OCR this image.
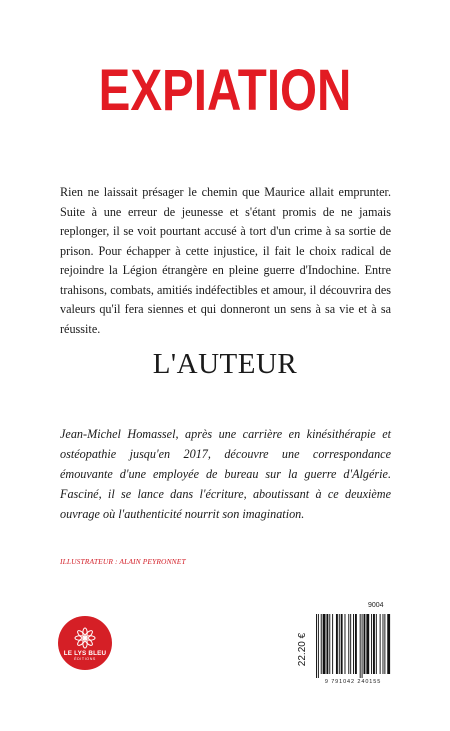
EXPIATION

Rien ne laissait présager le chemin que Maurice allait emprunter. Suite à une erreur de jeunesse et s'étant promis de ne jamais replonger, il se voit pourtant accusé à tort d'un crime à sa sortie de prison. Pour échapper à cette injustice, il fait le choix radical de rejoindre la Légion étrangère en pleine guerre d'Indochine. Entre trahisons, combats, amitiés indéfectibles et amour, il découvrira des valeurs qu'il fera siennes et qui donneront un sens à sa vie et à sa réussite.

L'AUTEUR

Jean-Michel Homassel, après une carrière en kinésithérapie et ostéopathie jusqu'en 2017, découvre une correspondance émouvante d'une employée de bureau sur la guerre d'Algérie. Fasciné, il se lance dans l'écriture, aboutissant à ce deuxième ouvrage où l'authenticité nourrit son imagination.

ILLUSTRATEUR : ALAIN PEYRONNET
9004
LE LYS BLEU
ÉDITIONS	22.20 €
9 791042 240155
